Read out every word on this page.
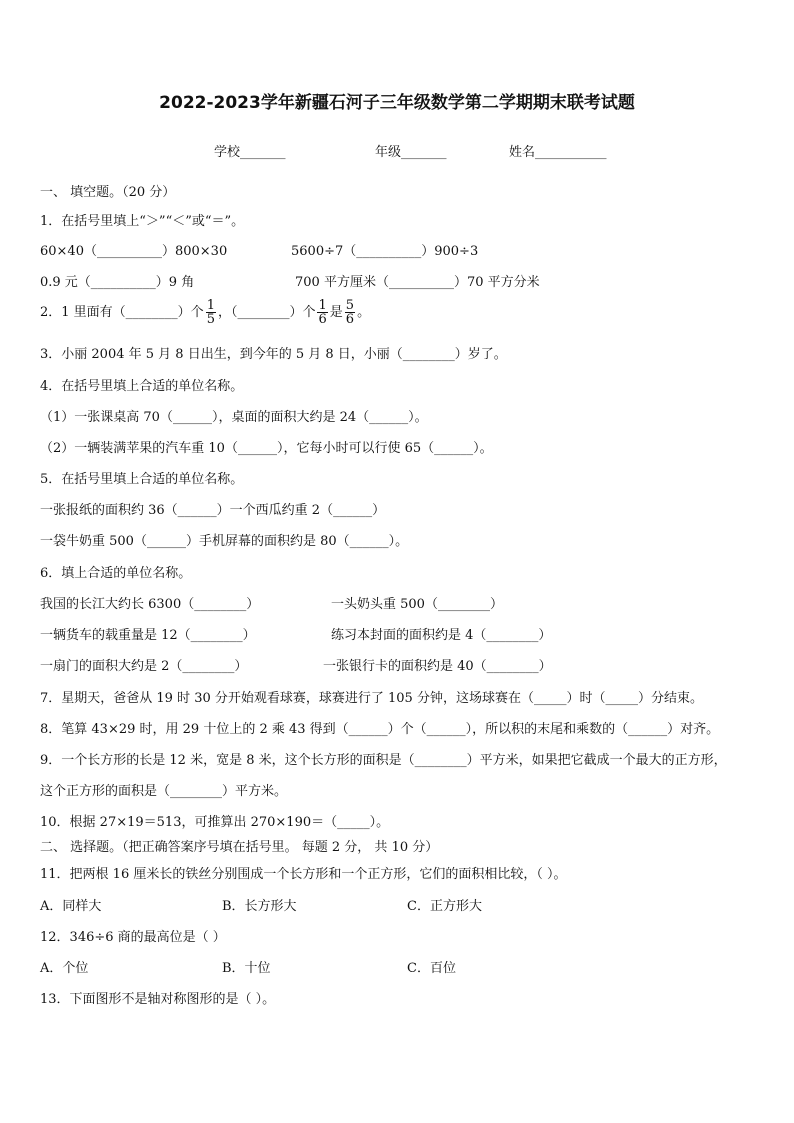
2022-2023学年新疆石河子三年级数学第二学期期末联考试题
学校_______	年级_______	姓名___________
一、 填空题。（20 分）
1．在括号里填上“＞”“＜”或“＝”。
60×40（__________）800×30	5600÷7（__________）900÷3
0.9 元（__________）9 角	700 平方厘米（__________）70 平方分米
2．1 里面有（________）个 $\frac{1}{5}$ ，（________）个 $\frac{1}{6}$ 是 $\frac{5}{6}$ 。
3．小丽 2004 年 5 月 8 日出生，到今年的 5 月 8 日，小丽（________）岁了。
4．在括号里填上合适的单位名称。
（1）一张课桌高 70（______），桌面的面积大约是 24（______）。
（2）一辆装满苹果的汽车重 10（______），它每小时可以行使 65（______）。
5．在括号里填上合适的单位名称。
一张报纸的面积约 36（______）一个西瓜约重 2（______）
一袋牛奶重 500（______）手机屏幕的面积约是 80（______）。
6．填上合适的单位名称。
我国的长江大约长 6300（________）	一头奶头重 500（________）
一辆货车的载重量是 12（________）	练习本封面的面积约是 4（________）
一扇门的面积大约是 2（________）	一张银行卡的面积约是 40（________）
7．星期天，爸爸从 19 时 30 分开始观看球赛，球赛进行了 105 分钟，这场球赛在（_____）时（_____）分结束。
8．笔算 43×29 时，用 29 十位上的 2 乘 43 得到（______）个（______），所以积的末尾和乘数的（______）对齐。
9．一个长方形的长是 12 米，宽是 8 米，这个长方形的面积是（________）平方米，如果把它截成一个最大的正方形，
这个正方形的面积是（________）平方米。
10．根据 27×19＝513，可推算出 270×190＝（_____）。
二、 选择题。（把正确答案序号填在括号里。 每题 2 分， 共 10 分）
11．把两根 16 厘米长的铁丝分别围成一个长方形和一个正方形，它们的面积相比较，（ ）。
A．同样大	B．长方形大	C．正方形大
12．346÷6 商的最高位是（ ）
A．个位	B．十位	C．百位
13．下面图形不是轴对称图形的是（ ）。
